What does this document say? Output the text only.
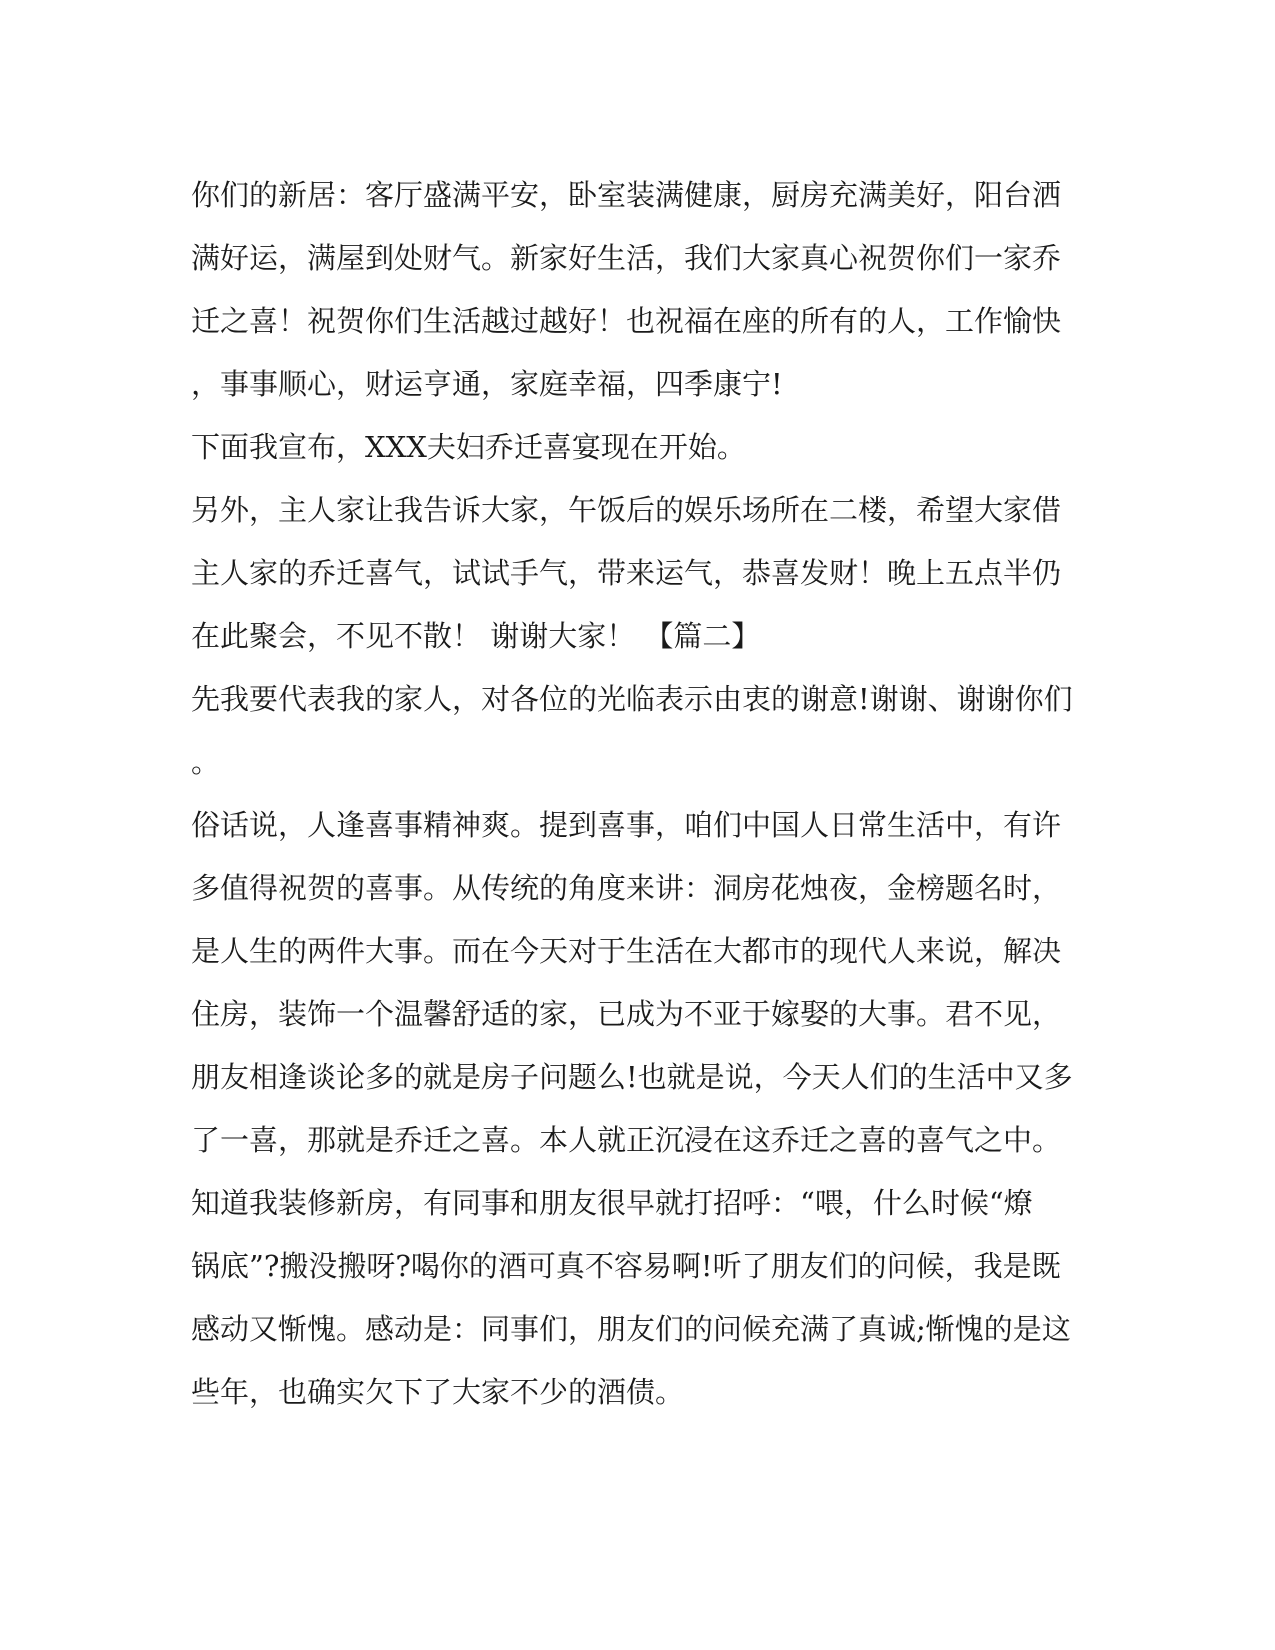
你们的新居：客厅盛满平安，卧室装满健康，厨房充满美好，阳台洒
满好运，满屋到处财气。新家好生活，我们大家真心祝贺你们一家乔
迁之喜！祝贺你们生活越过越好！也祝福在座的所有的人，工作愉快
，事事顺心，财运亨通，家庭幸福，四季康宁!
下面我宣布，XXX夫妇乔迁喜宴现在开始。
另外，主人家让我告诉大家，午饭后的娱乐场所在二楼，希望大家借
主人家的乔迁喜气，试试手气，带来运气，恭喜发财！晚上五点半仍
在此聚会，不见不散！ 谢谢大家！ 【篇二】
先我要代表我的家人，对各位的光临表示由衷的谢意!谢谢、谢谢你们
。
俗话说，人逢喜事精神爽。提到喜事，咱们中国人日常生活中，有许
多值得祝贺的喜事。从传统的角度来讲：洞房花烛夜，金榜题名时，
是人生的两件大事。而在今天对于生活在大都市的现代人来说，解决
住房，装饰一个温馨舒适的家，已成为不亚于嫁娶的大事。君不见，
朋友相逢谈论多的就是房子问题么!也就是说，今天人们的生活中又多
了一喜，那就是乔迁之喜。本人就正沉浸在这乔迁之喜的喜气之中。
知道我装修新房，有同事和朋友很早就打招呼：“喂，什么时候“燎
锅底”?搬没搬呀?喝你的酒可真不容易啊!听了朋友们的问候，我是既
感动又惭愧。感动是：同事们，朋友们的问候充满了真诚;惭愧的是这
些年，也确实欠下了大家不少的酒债。
